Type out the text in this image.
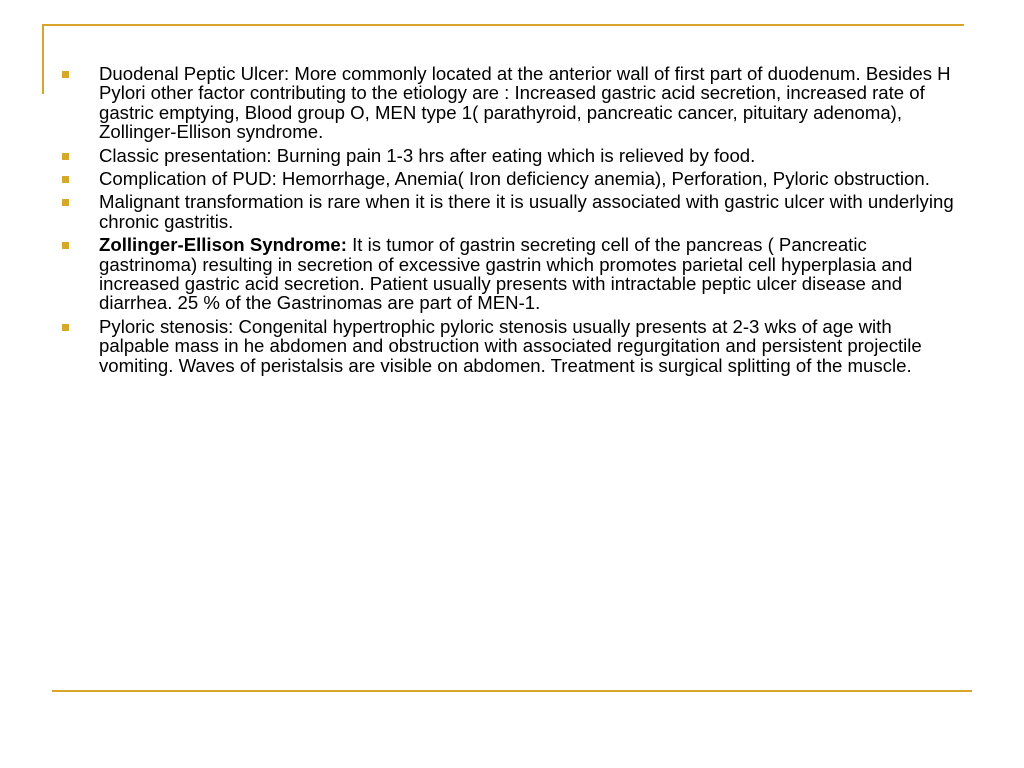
Duodenal Peptic Ulcer: More commonly located at the anterior wall of first part of duodenum. Besides H Pylori other factor contributing to the etiology are : Increased gastric acid secretion, increased rate of gastric emptying, Blood group O, MEN type 1( parathyroid, pancreatic cancer, pituitary adenoma), Zollinger-Ellison syndrome.
Classic presentation: Burning pain 1-3 hrs after eating which is relieved by food.
Complication of PUD: Hemorrhage, Anemia( Iron deficiency anemia), Perforation, Pyloric obstruction.
Malignant transformation is rare when it is there it is usually associated with gastric ulcer with underlying chronic gastritis.
Zollinger-Ellison Syndrome: It is tumor of gastrin secreting cell of the pancreas ( Pancreatic gastrinoma) resulting in secretion of excessive gastrin which promotes parietal cell hyperplasia and increased gastric acid secretion. Patient usually presents with intractable peptic ulcer disease and diarrhea. 25 % of the Gastrinomas are part of MEN-1.
Pyloric stenosis: Congenital hypertrophic pyloric stenosis usually presents at 2-3 wks of age with palpable mass in he abdomen and obstruction with associated regurgitation and persistent projectile vomiting. Waves of peristalsis are visible on abdomen. Treatment is surgical splitting of the muscle.
